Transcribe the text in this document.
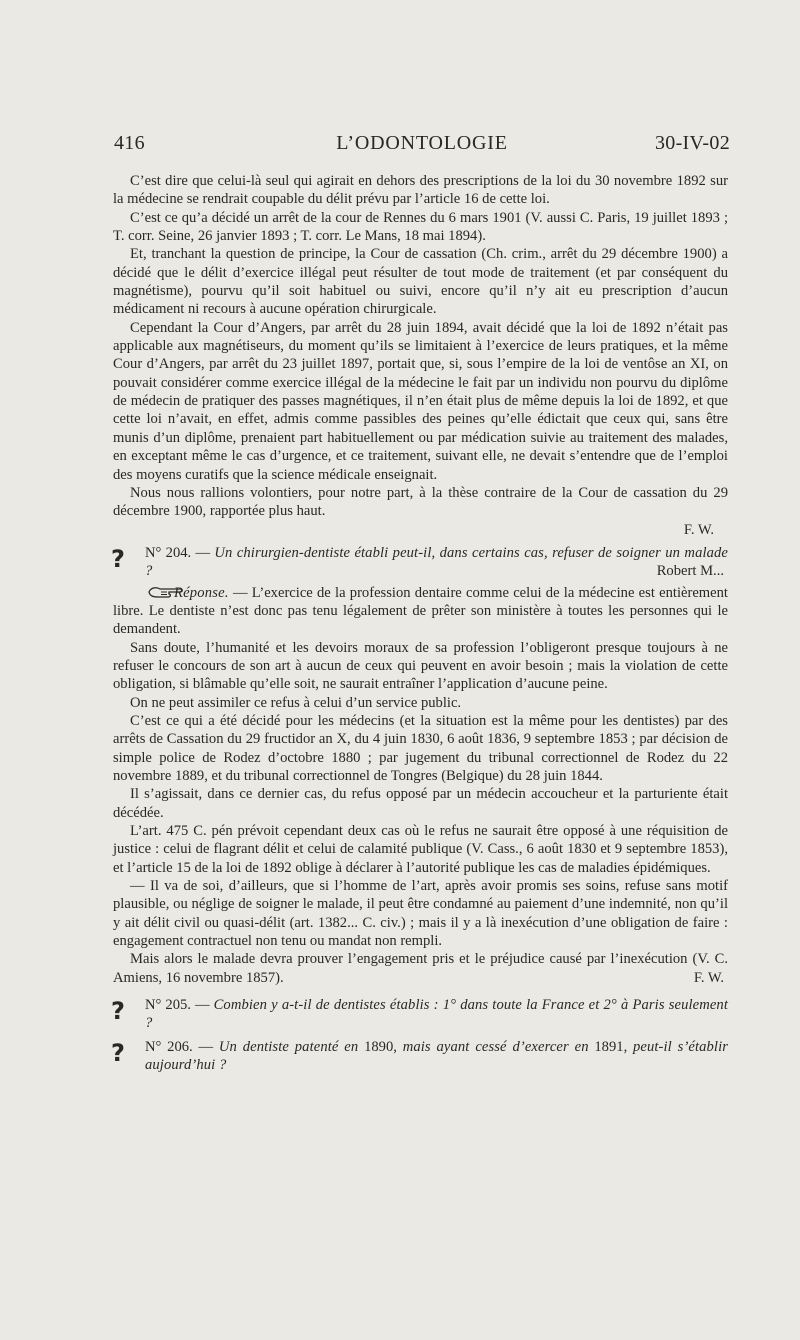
416	L’ODONTOLOGIE	30-IV-02

C’est dire que celui-là seul qui agirait en dehors des prescriptions de la loi du 30 novembre 1892 sur la médecine se rendrait coupable du délit prévu par l’article 16 de cette loi.

C’est ce qu’a décidé un arrêt de la cour de Rennes du 6 mars 1901 (V. aussi C. Paris, 19 juillet 1893 ; T. corr. Seine, 26 janvier 1893 ; T. corr. Le Mans, 18 mai 1894).

Et, tranchant la question de principe, la Cour de cassation (Ch. crim., arrêt du 29 décembre 1900) a décidé que le délit d’exercice illégal peut résulter de tout mode de traitement (et par conséquent du magnétisme), pourvu qu’il soit habituel ou suivi, encore qu’il n’y ait eu prescription d’aucun médicament ni recours à aucune opération chirurgicale.

Cependant la Cour d’Angers, par arrêt du 28 juin 1894, avait décidé que la loi de 1892 n’était pas applicable aux magnétiseurs, du moment qu’ils se limitaient à l’exercice de leurs pratiques, et la même Cour d’Angers, par arrêt du 23 juillet 1897, portait que, si, sous l’empire de la loi de ventôse an XI, on pouvait considérer comme exercice illégal de la médecine le fait par un individu non pourvu du diplôme de médecin de pratiquer des passes magnétiques, il n’en était plus de même depuis la loi de 1892, et que cette loi n’avait, en effet, admis comme passibles des peines qu’elle édictait que ceux qui, sans être munis d’un diplôme, prenaient part habituellement ou par médication suivie au traitement des malades, en exceptant même le cas d’urgence, et ce traitement, suivant elle, ne devait s’entendre que de l’emploi des moyens curatifs que la science médicale enseignait.

Nous nous rallions volontiers, pour notre part, à la thèse contraire de la Cour de cassation du 29 décembre 1900, rapportée plus haut.

F. W.
? N° 204. — Un chirurgien-dentiste établi peut-il, dans certains cas, refuser de soigner un malade ?	Robert M...

Réponse. — L’exercice de la profession dentaire comme celui de la médecine est entièrement libre. Le dentiste n’est donc pas tenu légalement de prêter son ministère à toutes les personnes qui le demandent.

Sans doute, l’humanité et les devoirs moraux de sa profession l’obligeront presque toujours à ne refuser le concours de son art à aucun de ceux qui peuvent en avoir besoin ; mais la violation de cette obligation, si blâmable qu’elle soit, ne saurait entraîner l’application d’aucune peine.

On ne peut assimiler ce refus à celui d’un service public.

C’est ce qui a été décidé pour les médecins (et la situation est la même pour les dentistes) par des arrêts de Cassation du 29 fructidor an X, du 4 juin 1830, 6 août 1836, 9 septembre 1853 ; par décision de simple police de Rodez d’octobre 1880 ; par jugement du tribunal correctionnel de Rodez du 22 novembre 1889, et du tribunal correctionnel de Tongres (Belgique) du 28 juin 1844.

Il s’agissait, dans ce dernier cas, du refus opposé par un médecin accoucheur et la parturiente était décédée.

L’art. 475 C. pén prévoit cependant deux cas où le refus ne saurait être opposé à une réquisition de justice : celui de flagrant délit et celui de calamité publique (V. Cass., 6 août 1830 et 9 septembre 1853), et l’article 15 de la loi de 1892 oblige à déclarer à l’autorité publique les cas de maladies épidémiques.

— Il va de soi, d’ailleurs, que si l’homme de l’art, après avoir promis ses soins, refuse sans motif plausible, ou néglige de soigner le malade, il peut être condamné au paiement d’une indemnité, non qu’il y ait délit civil ou quasi-délit (art. 1382... C. civ.) ; mais il y a là inexécution d’une obligation de faire : engagement contractuel non tenu ou mandat non rempli.

Mais alors le malade devra prouver l’engagement pris et le préjudice causé par l’inexécution (V. C. Amiens, 16 novembre 1857).	F. W.

? N° 205. — Combien y a-t-il de dentistes établis : 1° dans toute la France et 2° à Paris seulement ?
? N° 206. — Un dentiste patenté en 1890, mais ayant cessé d’exercer en 1891, peut-il s’établir aujourd’hui ?
